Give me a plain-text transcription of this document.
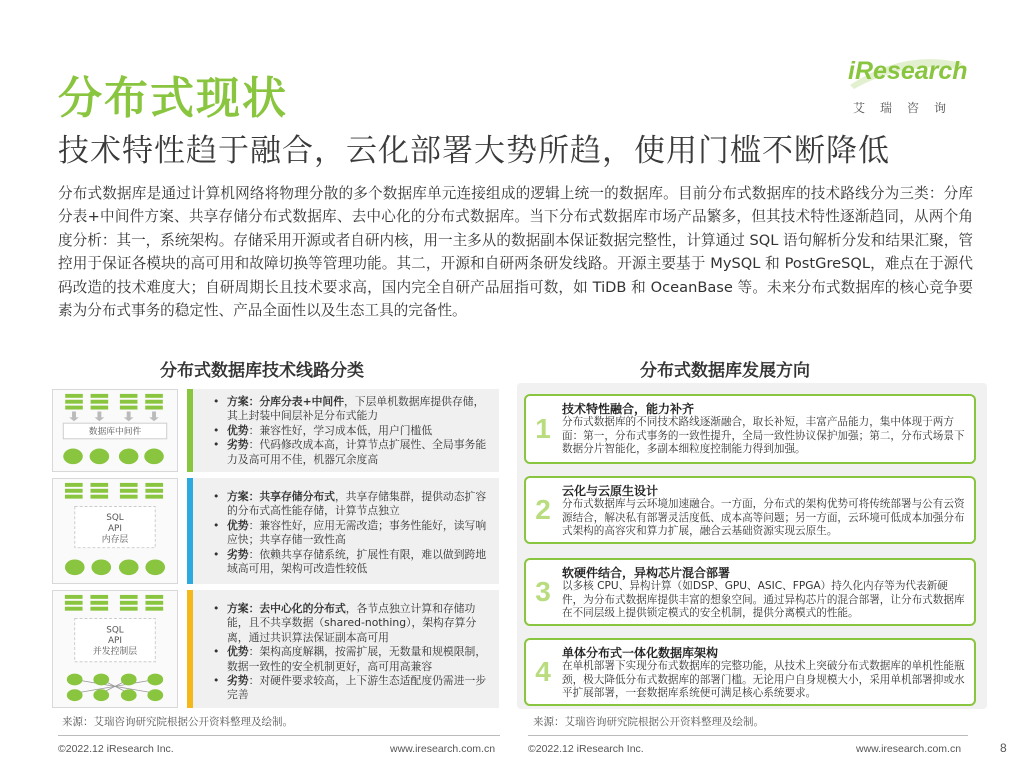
分布式现状
技术特性趋于融合，云化部署大势所趋，使用门槛不断降低
iResearch
艾瑞咨询
分布式数据库是通过计算机网络将物理分散的多个数据库单元连接组成的逻辑上统一的数据库。目前分布式数据库的技术路线分为三类：分库分表+中间件方案、共享存储分布式数据库、去中心化的分布式数据库。当下分布式数据库市场产品繁多，但其技术特性逐渐趋同，从两个角度分析：其一，系统架构。存储采用开源或者自研内核，用一主多从的数据副本保证数据完整性，计算通过 SQL 语句解析分发和结果汇聚，管控用于保证各模块的高可用和故障切换等管理功能。其二，开源和自研两条研发线路。开源主要基于 MySQL 和 PostGreSQL，难点在于源代码改造的技术难度大；自研周期长且技术要求高，国内完全自研产品屈指可数，如 TiDB 和 OceanBase 等。未来分布式数据库的核心竞争要素为分布式事务的稳定性、产品全面性以及生态工具的完备性。
分布式数据库技术线路分类	分布式数据库发展方向
数据库中间件
• 方案：分库分表+中间件，下层单机数据库提供存储，其上封装中间层补足分布式能力
• 优势：兼容性好，学习成本低，用户门槛低
• 劣势：代码修改成本高，计算节点扩展性、全局事务能力及高可用不佳，机器冗余度高
SQL
API
内存层
• 方案：共享存储分布式，共享存储集群，提供动态扩容的分布式高性能存储，计算节点独立
• 优势：兼容性好，应用无需改造；事务性能好，读写响应快；共享存储一致性高
• 劣势：依赖共享存储系统，扩展性有限，难以做到跨地域高可用，架构可改造性较低
SQL
API
并发控制层
• 方案：去中心化的分布式，各节点独立计算和存储功能，且不共享数据（shared-nothing），架构存算分离，通过共识算法保证副本高可用
• 优势：架构高度解耦，按需扩展，无数量和规模限制，数据一致性的安全机制更好，高可用高兼容
• 劣势：对硬件要求较高，上下游生态适配度仍需进一步完善
来源：艾瑞咨询研究院根据公开资料整理及绘制。
1
技术特性融合，能力补齐
分布式数据库的不同技术路线逐渐融合，取长补短，丰富产品能力，集中体现于两方面：第一，分布式事务的一致性提升，全局一致性协议保护加强；第二，分布式场景下数据分片智能化，多副本细粒度控制能力得到加强。
2
云化与云原生设计
分布式数据库与云环境加速融合。一方面，分布式的架构优势可将传统部署与公有云资源结合，解决私有部署灵活度低、成本高等问题；另一方面，云环境可低成本加强分布式架构的高容灾和算力扩展，融合云基础资源实现云原生。
3
软硬件结合，异构芯片混合部署
以多核 CPU、异构计算（如DSP、GPU、ASIC、FPGA）持久化内存等为代表新硬件，为分布式数据库提供丰富的想象空间。通过异构芯片的混合部署，让分布式数据库在不同层级上提供锁定模式的安全机制，提供分离模式的性能。
4
单体分布式一体化数据库架构
在单机部署下实现分布式数据库的完整功能，从技术上突破分布式数据库的单机性能瓶颈，极大降低分布式数据库的部署门槛。无论用户自身规模大小，采用单机部署抑或水平扩展部署，一套数据库系统便可满足核心系统要求。
来源：艾瑞咨询研究院根据公开资料整理及绘制。
©2022.12 iResearch Inc.	www.iresearch.com.cn	©2022.12 iResearch Inc.	www.iresearch.com.cn	8
